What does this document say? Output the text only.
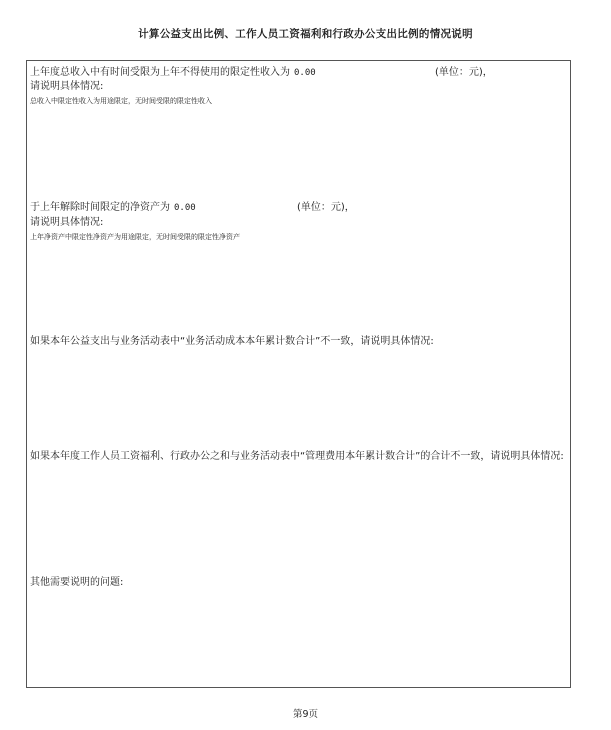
计算公益支出比例、工作人员工资福利和行政办公支出比例的情况说明
上年度总收入中有时间受限为上年不得使用的限定性收入为 0.00	(单位：元)，
请说明具体情况:
总收入中限定性收入为用途限定，无时间受限的限定性收入
于上年解除时间限定的净资产为 0.00	(单位：元)，
请说明具体情况:
上年净资产中限定性净资产为用途限定，无时间受限的限定性净资产
如果本年公益支出与业务活动表中“业务活动成本本年累计数合计”不一致，请说明具体情况:
如果本年度工作人员工资福利、行政办公之和与业务活动表中“管理费用本年累计数合计”的合计不一致，请说明具体情况:
其他需要说明的问题:
第9页
